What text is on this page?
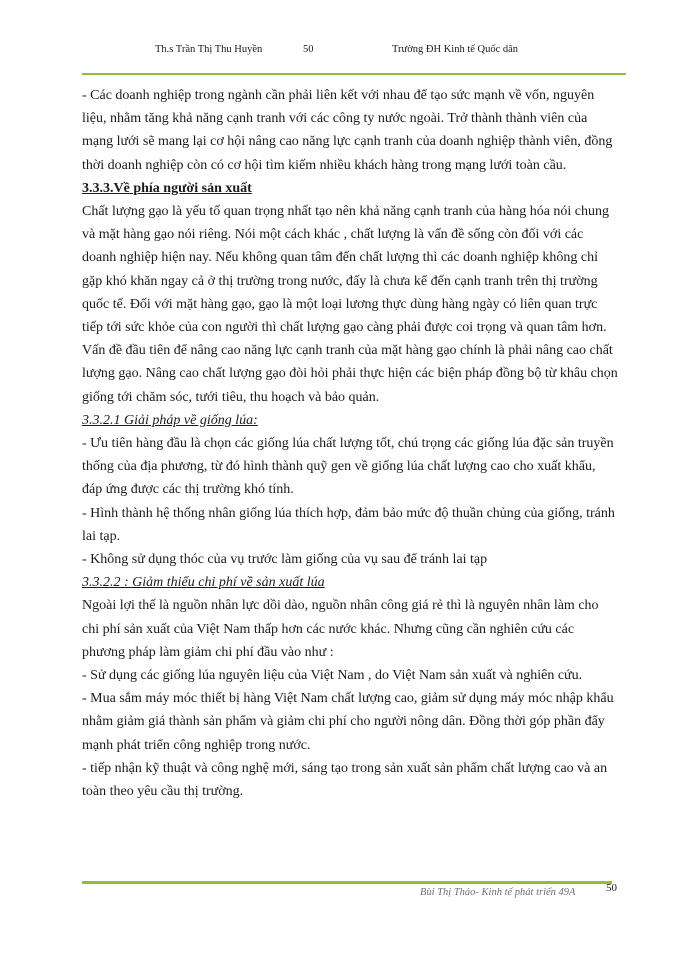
Th.s Trần Thị Thu Huyền	50	Trường ĐH Kinh tế Quốc dân

- Các doanh nghiệp trong ngành cần phải liên kết với nhau để tạo sức mạnh về vốn, nguyên liệu, nhằm tăng khả năng cạnh tranh với các công ty nước ngoài. Trở thành thành viên của mạng lưới sẽ mang lại cơ hội nâng cao năng lực cạnh tranh của doanh nghiệp thành viên, đồng thời doanh nghiệp còn có cơ hội tìm kiếm nhiều khách hàng trong mạng lưới toàn cầu.

3.3.3.Về phía người sản xuất

Chất lượng gạo là yếu tố quan trọng nhất tạo nên khả năng cạnh tranh của hàng hóa nói chung và mặt hàng gạo nói riêng. Nói một cách khác , chất lượng là vấn đề sống còn đối với các doanh nghiệp hiện nay. Nếu không quan tâm đến chất lượng thì các doanh nghiệp không chỉ gặp khó khăn ngay cả ở thị trường trong nước, đấy là chưa kể đến cạnh tranh trên thị trường quốc tế. Đối với mặt hàng gạo, gạo là một loại lương thực dùng hàng ngày có liên quan trực tiếp tới sức khỏe của con người thì chất lượng gạo càng phải được coi trọng và quan tâm hơn. Vấn đề đầu tiên để nâng cao năng lực cạnh tranh của mặt hàng gạo chính là phải nâng cao chất lượng gạo. Nâng cao chất lượng gạo đòi hỏi phải thực hiện các biện pháp đồng bộ từ khâu chọn giống tới chăm sóc, tưới tiêu, thu hoạch và bảo quản.

3.3.2.1 Giải pháp về giống lúa:

- Ưu tiên hàng đầu là chọn các giống lúa chất lượng tốt, chú trọng các giống lúa đặc sản truyền thống của địa phương, từ đó hình thành quỹ gen về giống lúa chất lượng cao cho xuất khẩu, đáp ứng được các thị trường khó tính.

- Hình thành hệ thống nhân giống lúa thích hợp, đảm bảo mức độ thuần chủng của giống, tránh lai tạp.

- Không sử dụng thóc của vụ trước làm giống của vụ sau để tránh lai tạp

3.3.2.2 : Giảm thiểu chi phí về sản xuất lúa

Ngoài lợi thế là nguồn nhân lực dồi dào, nguồn nhân công giá rẻ thì là nguyên nhân làm cho chi phí sản xuất của Việt Nam thấp hơn các nước khác. Nhưng cũng cần nghiên cứu các phương pháp làm giảm chi phí đầu vào như :

- Sử dụng các giống lúa nguyên liệu của Việt Nam , do Việt Nam sản xuất và nghiên cứu.

- Mua sắm máy móc thiết bị hàng Việt Nam chất lượng cao, giảm sử dụng máy móc nhập khẩu nhằm giảm giá thành sản phẩm và giảm chi phí cho người nông dân. Đồng thời góp phần đẩy mạnh phát triển công nghiệp trong nước.

- tiếp nhận kỹ thuật và công nghệ mới, sáng tạo trong sản xuất sản phẩm chất lượng cao và an toàn theo yêu cầu thị trường.

Bùi Thị Thảo- Kinh tế phát triển 49A	50
